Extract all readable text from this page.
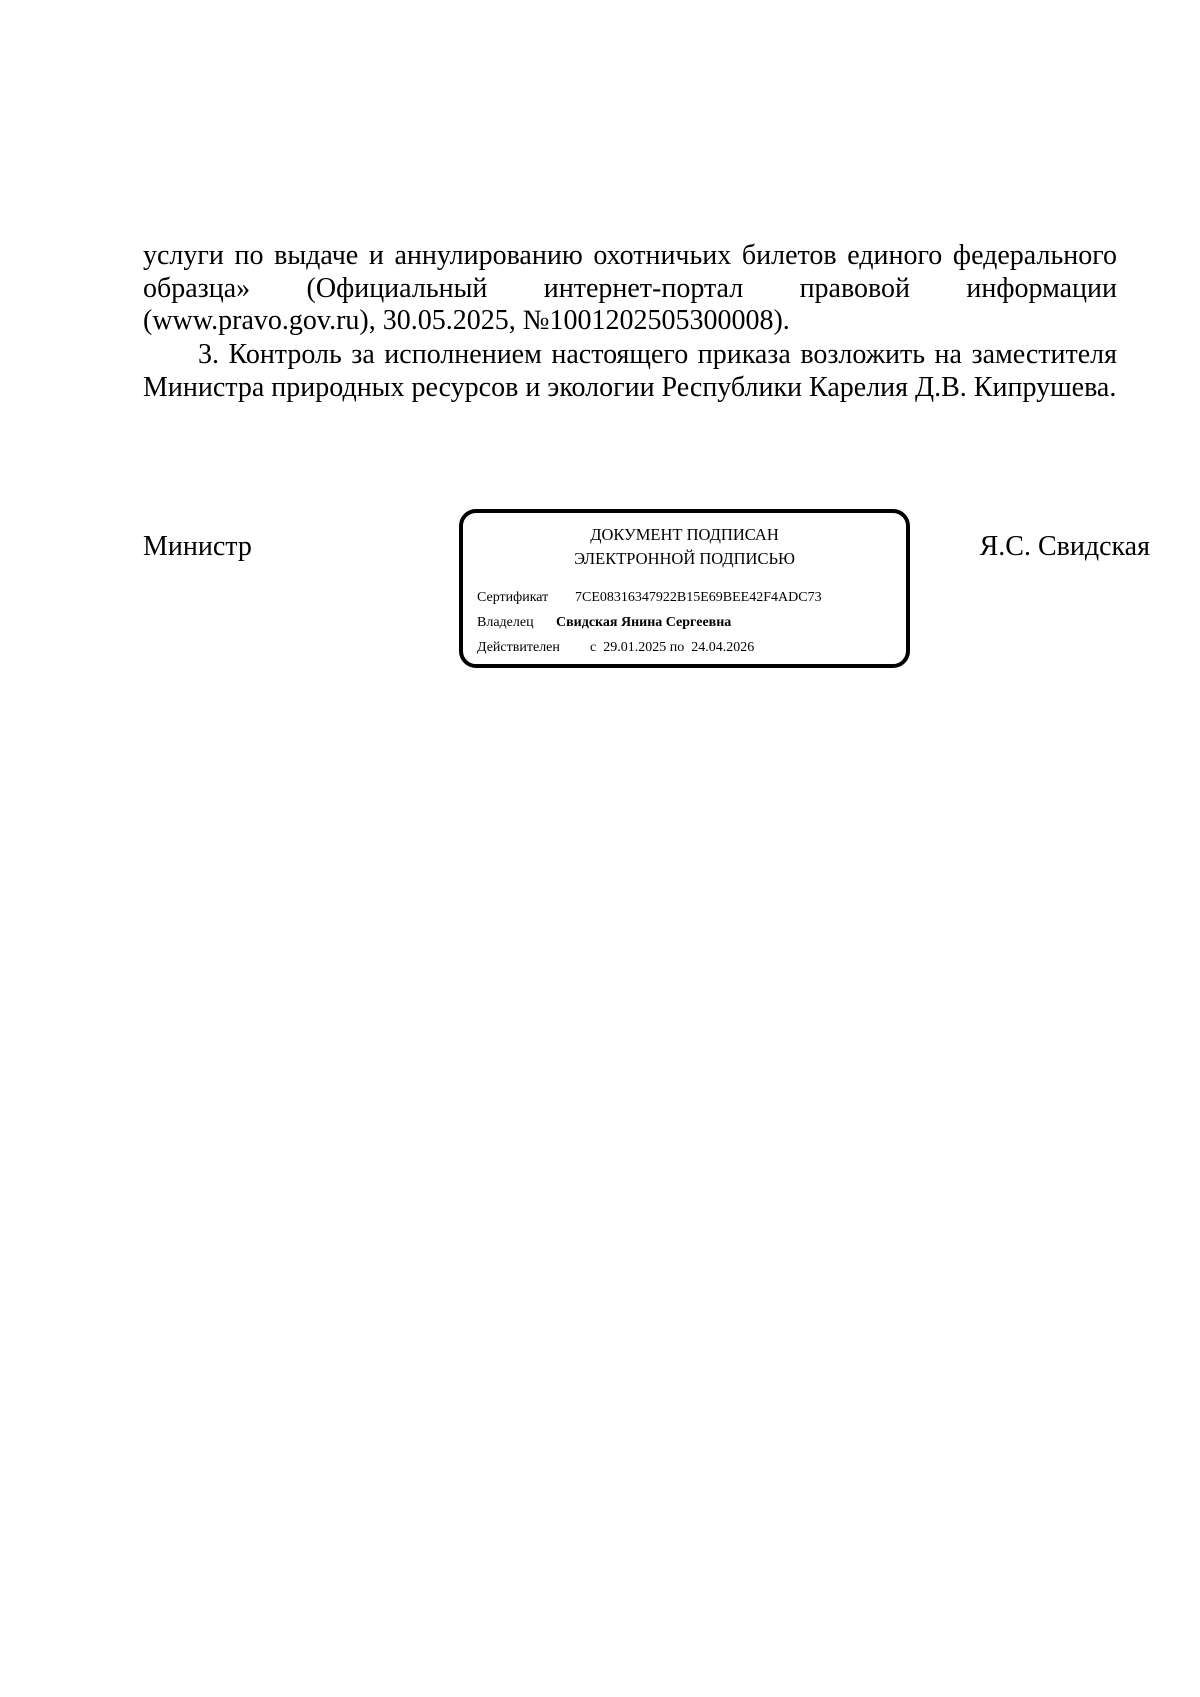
услуги по выдаче и аннулированию охотничьих билетов единого федерального образца» (Официальный интернет-портал правовой информации (www.pravo.gov.ru), 30.05.2025, №1001202505300008).

3. Контроль за исполнением настоящего приказа возложить на заместителя Министра природных ресурсов и экологии Республики Карелия Д.В. Кипрушева.

Министр	ДОКУМЕНТ ПОДПИСАН
ЭЛЕКТРОННОЙ ПОДПИСЬЮ
Сертификат 7CE08316347922B15E69BEE42F4ADC73
Владелец Свидская Янина Сергеевна
Действителен с  29.01.2025 по  24.04.2026
Я.С. Свидская
